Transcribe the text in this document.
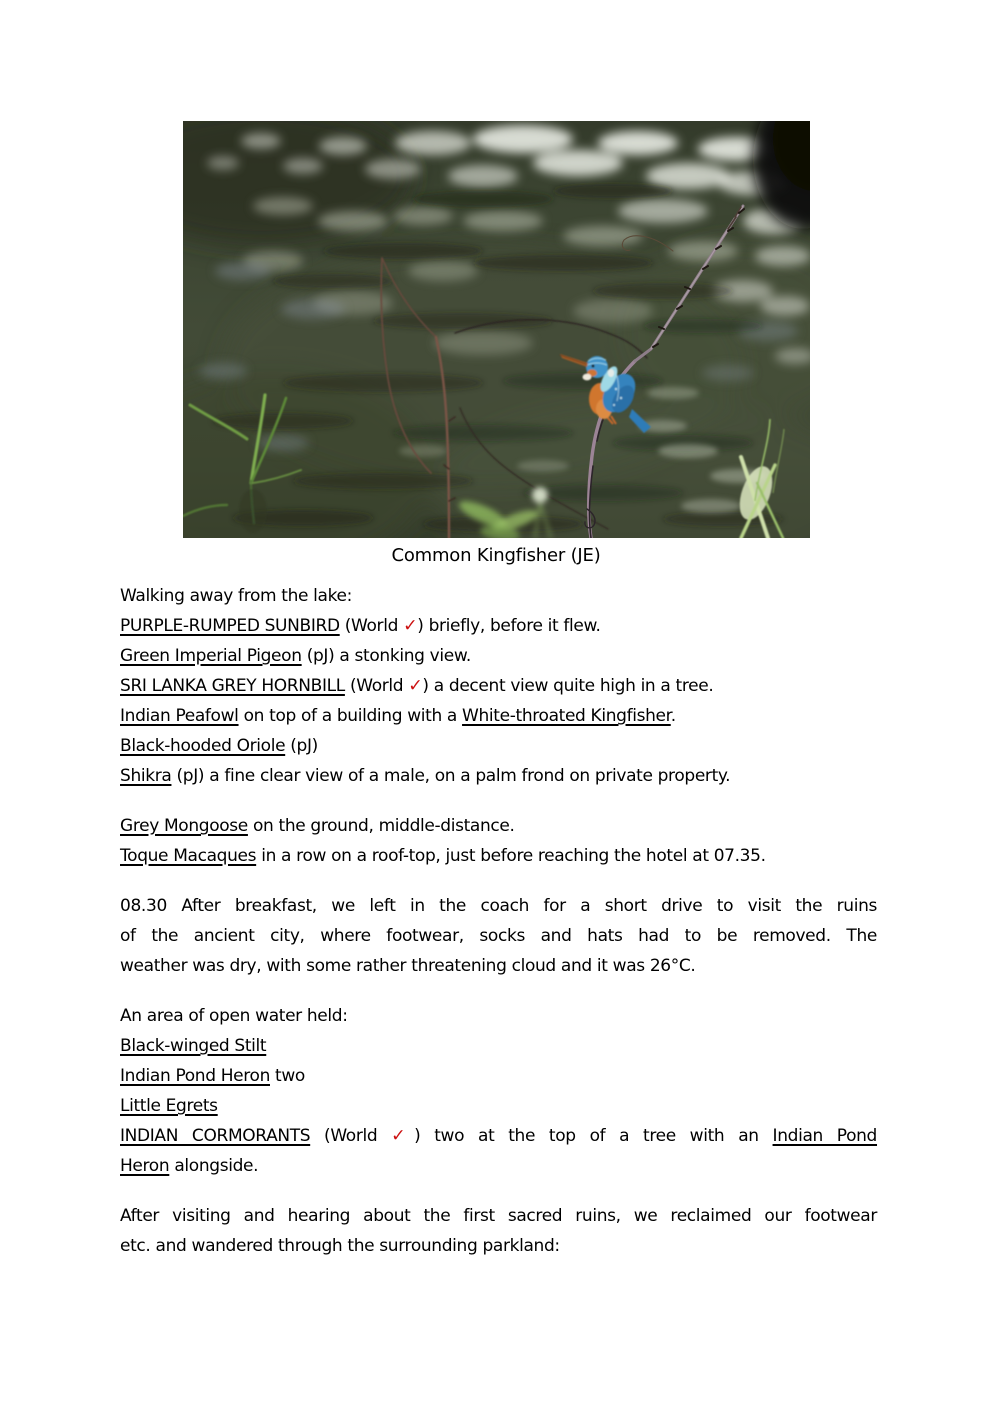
Common Kingfisher (JE)
Walking away from the lake:
PURPLE-RUMPED SUNBIRD (World ✓) briefly, before it flew.
Green Imperial Pigeon (pJ) a stonking view.
SRI LANKA GREY HORNBILL (World ✓) a decent view quite high in a tree.
Indian Peafowl on top of a building with a White-throated Kingfisher.
Black-hooded Oriole (pJ)
Shikra (pJ) a fine clear view of a male, on a palm frond on private property.
Grey Mongoose on the ground, middle-distance.
Toque Macaques in a row on a roof-top, just before reaching the hotel at 07.35.
08.30 After breakfast, we left in the coach for a short drive to visit the ruins
of the ancient city, where footwear, socks and hats had to be removed. The
weather was dry, with some rather threatening cloud and it was 26°C.
An area of open water held:
Black-winged Stilt
Indian Pond Heron two
Little Egrets
INDIAN CORMORANTS (World ✓) two at the top of a tree with an Indian Pond
Heron alongside.
After visiting and hearing about the first sacred ruins, we reclaimed our footwear
etc. and wandered through the surrounding parkland:
